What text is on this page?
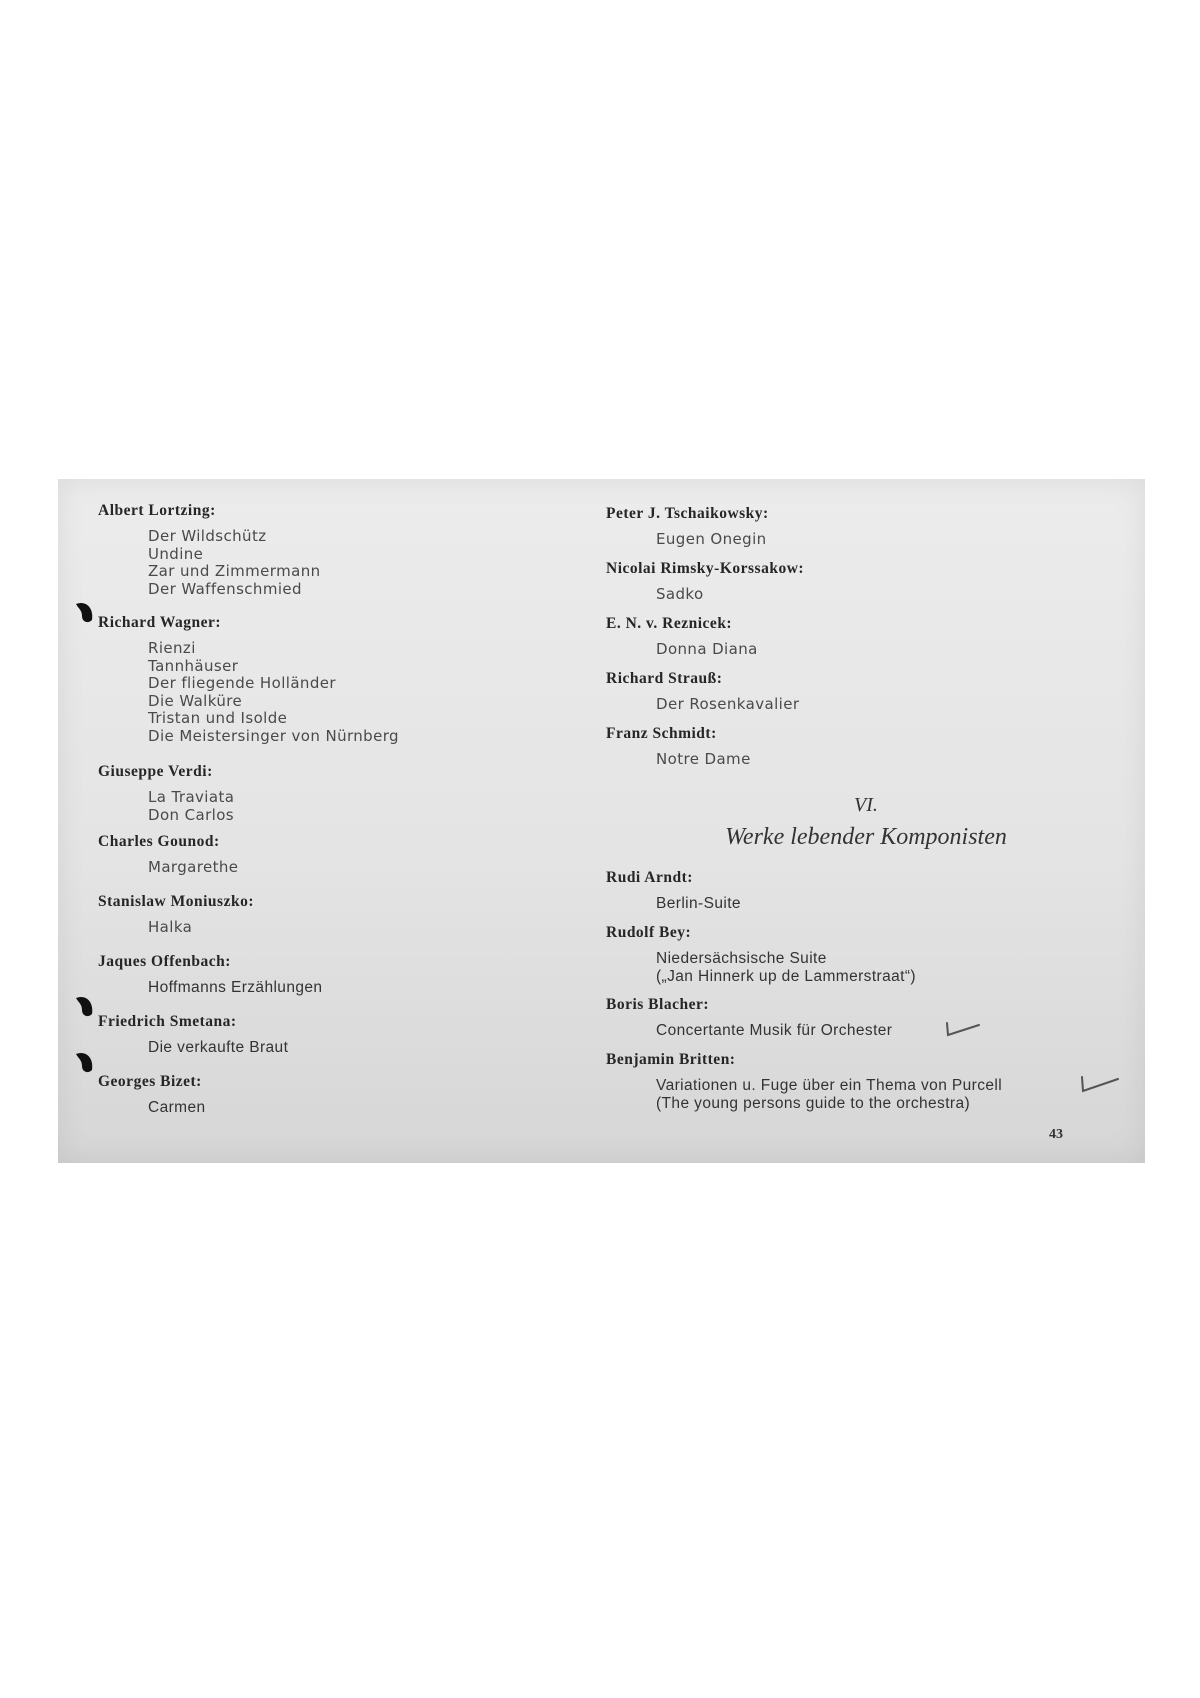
Albert Lortzing:
Der Wildschütz
Undine
Zar und Zimmermann
Der Waffenschmied
Richard Wagner:
Rienzi
Tannhäuser
Der fliegende Holländer
Die Walküre
Tristan und Isolde
Die Meistersinger von Nürnberg
Giuseppe Verdi:
La Traviata
Don Carlos
Charles Gounod:
Margarethe
Stanislaw Moniuszko:
Halka
Jaques Offenbach:
Hoffmanns Erzählungen
Friedrich Smetana:
Die verkaufte Braut
Georges Bizet:
Carmen
Peter J. Tschaikowsky:
Eugen Onegin
Nicolai Rimsky-Korssakow:
Sadko
E. N. v. Reznicek:
Donna Diana
Richard Strauß:
Der Rosenkavalier
Franz Schmidt:
Notre Dame
VI.
Werke lebender Komponisten
Rudi Arndt:
Berlin-Suite
Rudolf Bey:
Niedersächsische Suite
(„Jan Hinnerk up de Lammerstraat“)
Boris Blacher:
Concertante Musik für Orchester
Benjamin Britten:
Variationen u. Fuge über ein Thema von Purcell
(The young persons guide to the orchestra)
43
